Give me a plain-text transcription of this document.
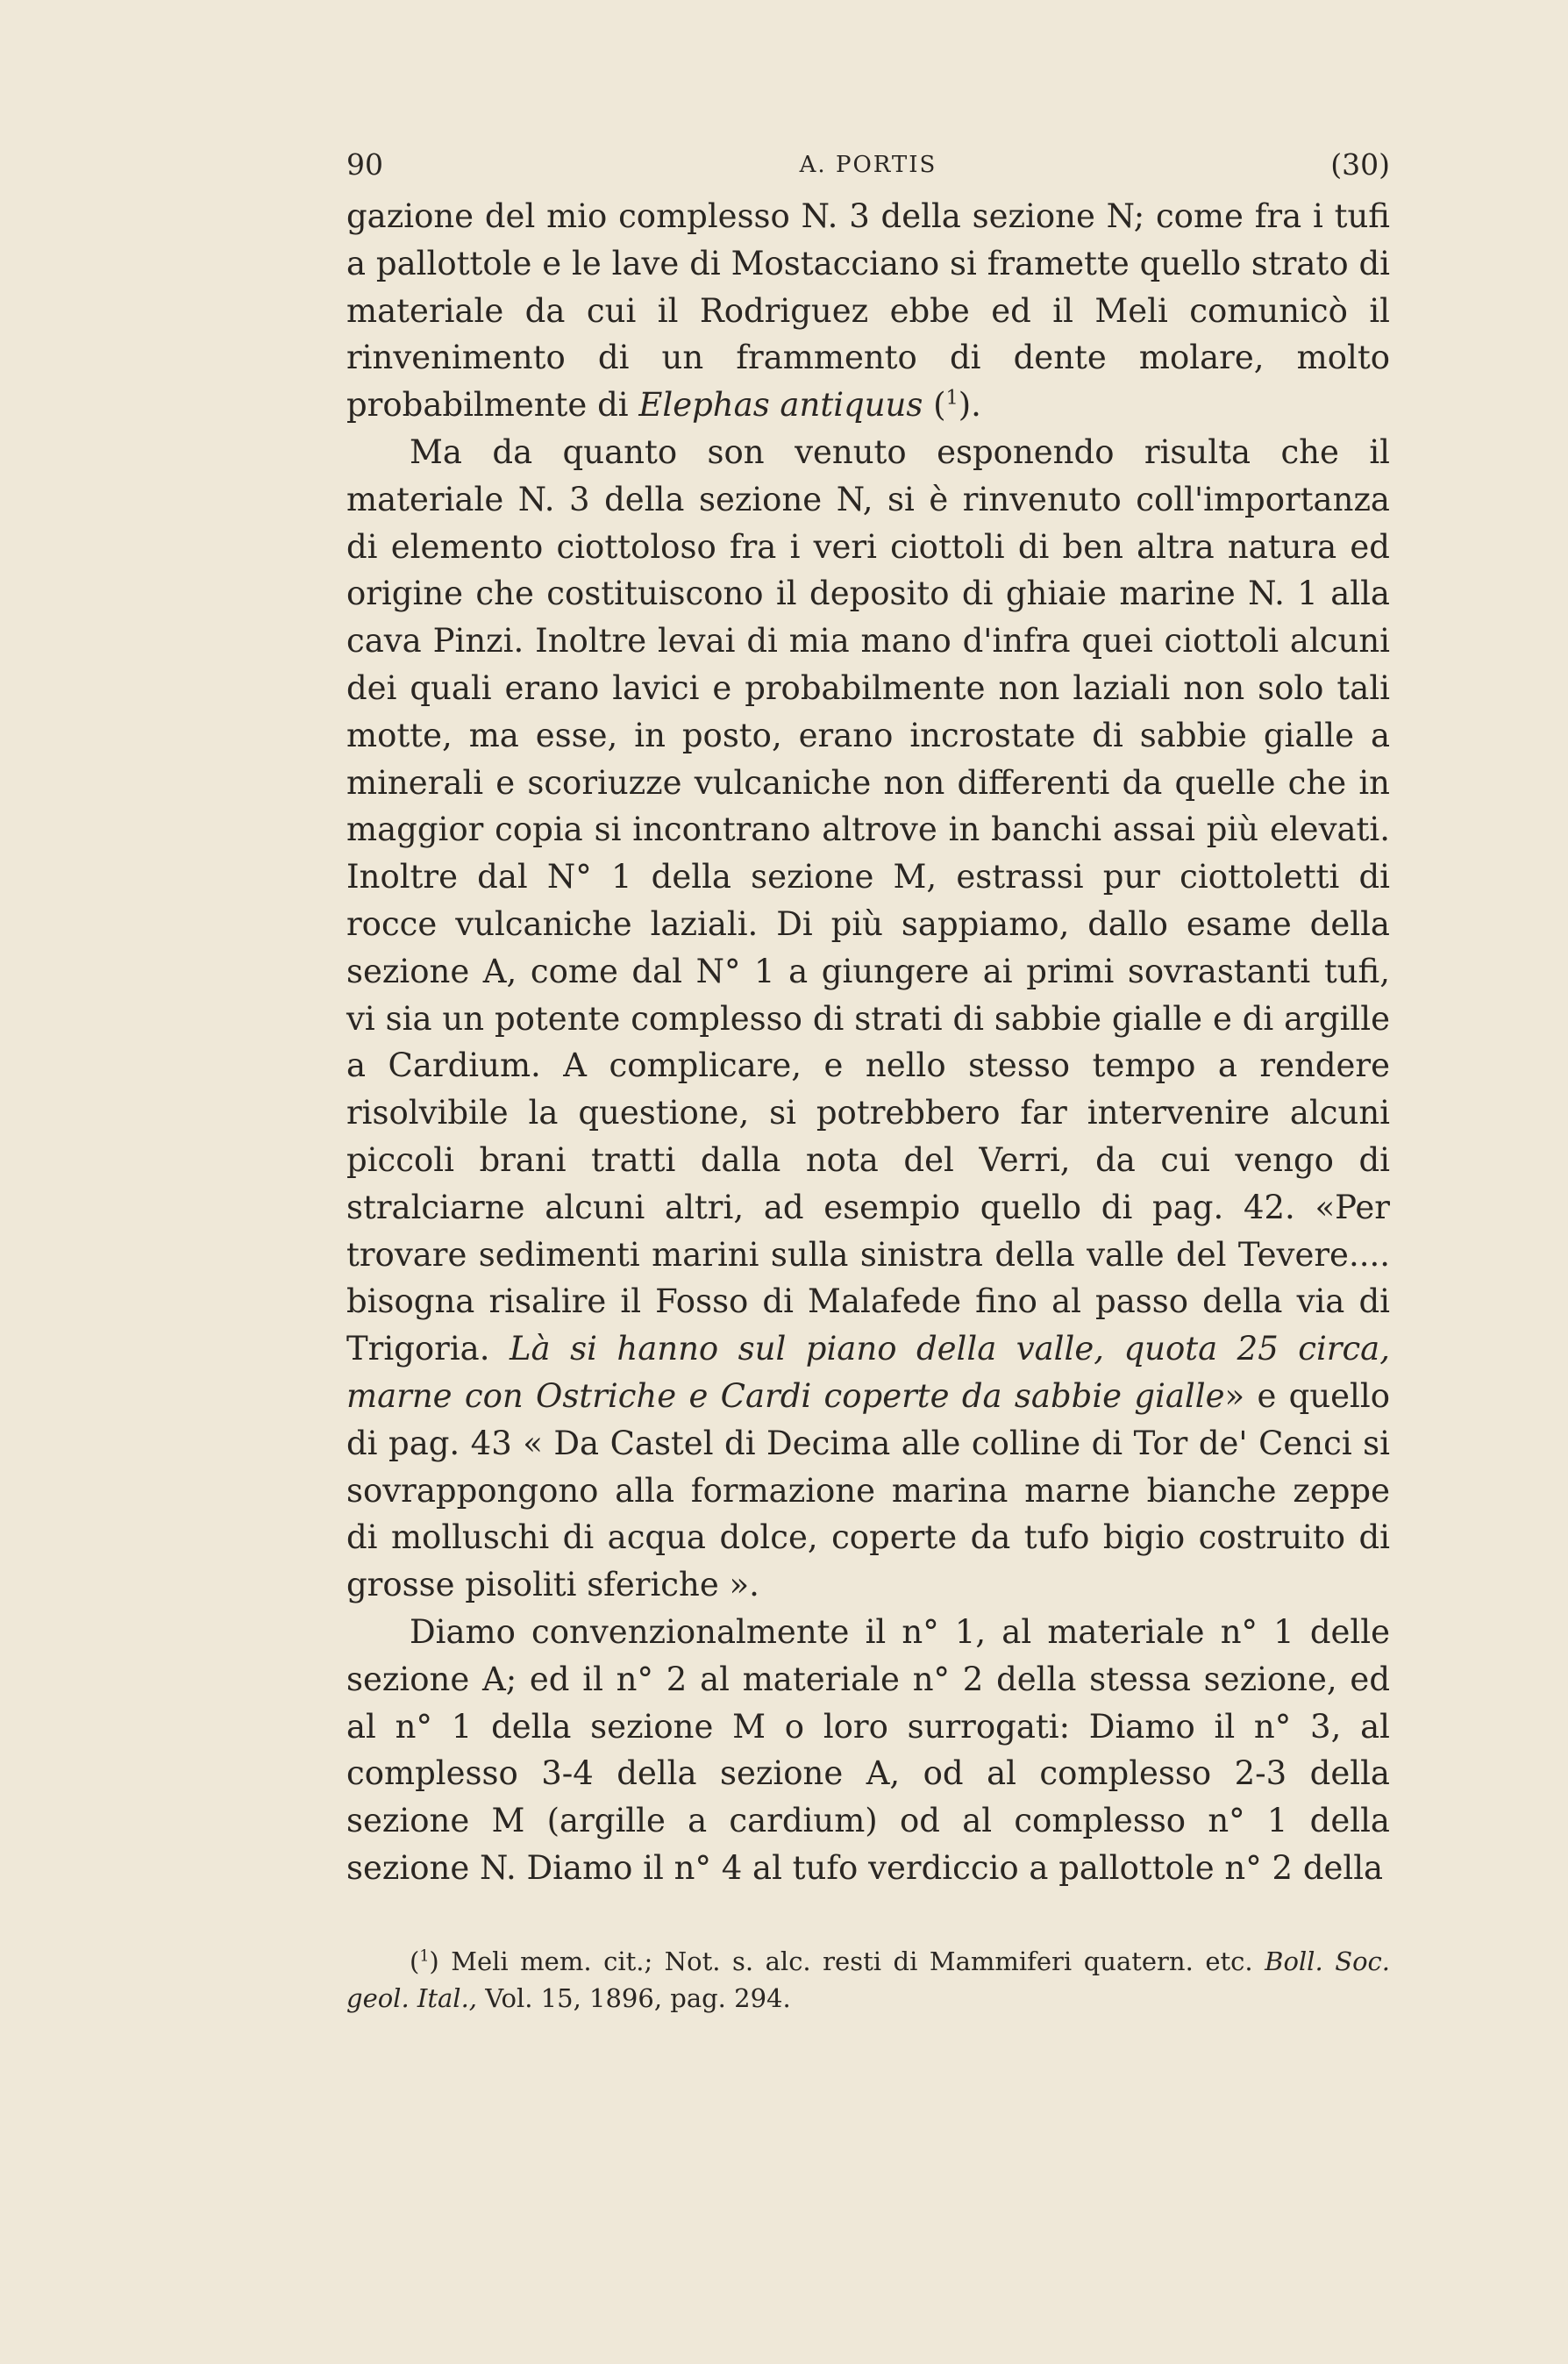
90	A. PORTIS	(30)

gazione del mio complesso N. 3 della sezione N; come fra i tufi a pallottole e le lave di Mostacciano si framette quello strato di materiale da cui il Rodriguez ebbe ed il Meli comunicò il rinvenimento di un frammento di dente molare, molto probabilmente di Elephas antiquus ($^1$).

Ma da quanto son venuto esponendo risulta che il materiale N. 3 della sezione N, si è rinvenuto coll'importanza di elemento ciottoloso fra i veri ciottoli di ben altra natura ed origine che costituiscono il deposito di ghiaie marine N. 1 alla cava Pinzi. Inoltre levai di mia mano d'infra quei ciottoli alcuni dei quali erano lavici e probabilmente non laziali non solo tali motte, ma esse, in posto, erano incrostate di sabbie gialle a minerali e scoriuzze vulcaniche non differenti da quelle che in maggior copia si incontrano altrove in banchi assai più elevati. Inoltre dal N° 1 della sezione M, estrassi pur ciottoletti di rocce vulcaniche laziali. Di più sappiamo, dallo esame della sezione A, come dal N° 1 a giungere ai primi sovrastanti tufi, vi sia un potente complesso di strati di sabbie gialle e di argille a Cardium. A complicare, e nello stesso tempo a rendere risolvibile la questione, si potrebbero far intervenire alcuni piccoli brani tratti dalla nota del Verri, da cui vengo di stralciarne alcuni altri, ad esempio quello di pag. 42. «Per trovare sedimenti marini sulla sinistra della valle del Tevere.... bisogna risalire il Fosso di Malafede fino al passo della via di Trigoria. Là si hanno sul piano della valle, quota 25 circa, marne con Ostriche e Cardi coperte da sabbie gialle» e quello di pag. 43 « Da Castel di Decima alle colline di Tor de' Cenci si sovrappongono alla formazione marina marne bianche zeppe di molluschi di acqua dolce, coperte da tufo bigio costruito di grosse pisoliti sferiche ».

Diamo convenzionalmente il n° 1, al materiale n° 1 delle sezione A; ed il n° 2 al materiale n° 2 della stessa sezione, ed al n° 1 della sezione M o loro surrogati: Diamo il n° 3, al complesso 3-4 della sezione A, od al complesso 2-3 della sezione M (argille a cardium) od al complesso n° 1 della sezione N. Diamo il n° 4 al tufo verdiccio a pallottole n° 2 della

($^1$) Meli mem. cit.; Not. s. alc. resti di Mammiferi quatern. etc. Boll. Soc. geol. Ital., Vol. 15, 1896, pag. 294.
